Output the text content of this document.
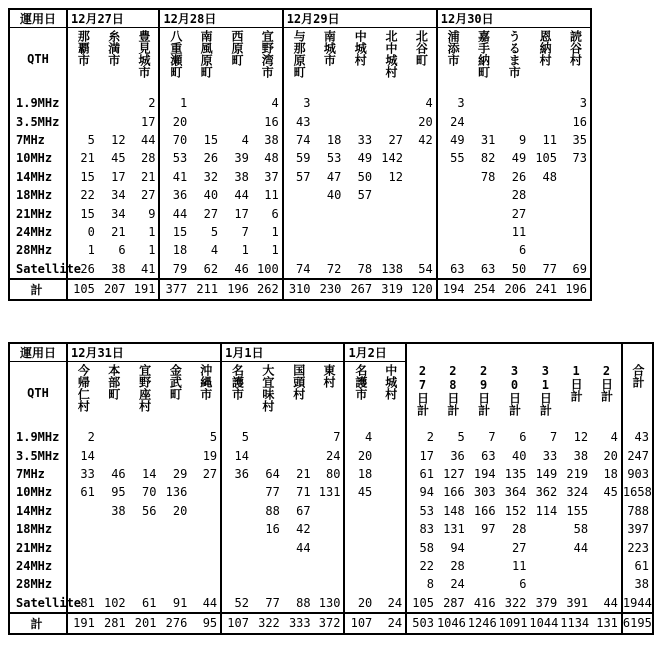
運用日	12月27日			12月28日				12月29日					12月30日				
QTH	那覇市	糸満市	豊見城市	八重瀬町	南風原町	西原町	宜野湾市	与那原町	南城市	中城村	北中城村	北谷町	浦添市	嘉手納町	うるま市	恩納村	読谷村
1.9MHz			2	1			4	3				4	3				3
3.5MHz			17	20			16	43				20	24				16
7MHz	5	12	44	70	15	4	38	74	18	33	27	42	49	31	9	11	35
10MHz	21	45	28	53	26	39	48	59	53	49	142		55	82	49	105	73
14MHz	15	17	21	41	32	38	37	57	47	50	12			78	26	48	
18MHz	22	34	27	36	40	44	11		40	57					28		
21MHz	15	34	9	44	27	17	6								27		
24MHz	0	21	1	15	5	7	1								11		
28MHz	1	6	1	18	4	1	1								6		
Satellite	26	38	41	79	62	46	100	74	72	78	138	54	63	63	50	77	69
計	105	207	191	377	211	196	262	310	230	267	319	120	194	254	206	241	196
運用日	12月31日					1月1日				1月2日									
QTH	今帰仁村	本部町	宜野座村	金武町	沖縄市	名護市	大宜味村	国頭村	東村	名護市	中城村	27日計	28日計	29日計	30日計	31日計	1日計	2日計	合計
1.9MHz	2				5	5			7	4		2	5	7	6	7	12	4	43
3.5MHz	14				19	14			24	20		17	36	63	40	33	38	20	247
7MHz	33	46	14	29	27	36	64	21	80	18		61	127	194	135	149	219	18	903
10MHz	61	95	70	136			77	71	131	45		94	166	303	364	362	324	45	1658
14MHz		38	56	20			88	67				53	148	166	152	114	155		788
18MHz							16	42				83	131	97	28		58		397
21MHz								44				58	94		27		44		223
24MHz												22	28		11				61
28MHz												8	24		6				38
Satellite	81	102	61	91	44	52	77	88	130	20	24	105	287	416	322	379	391	44	1944
計	191	281	201	276	95	107	322	333	372	107	24	503	1046	1246	1091	1044	1134	131	6195
